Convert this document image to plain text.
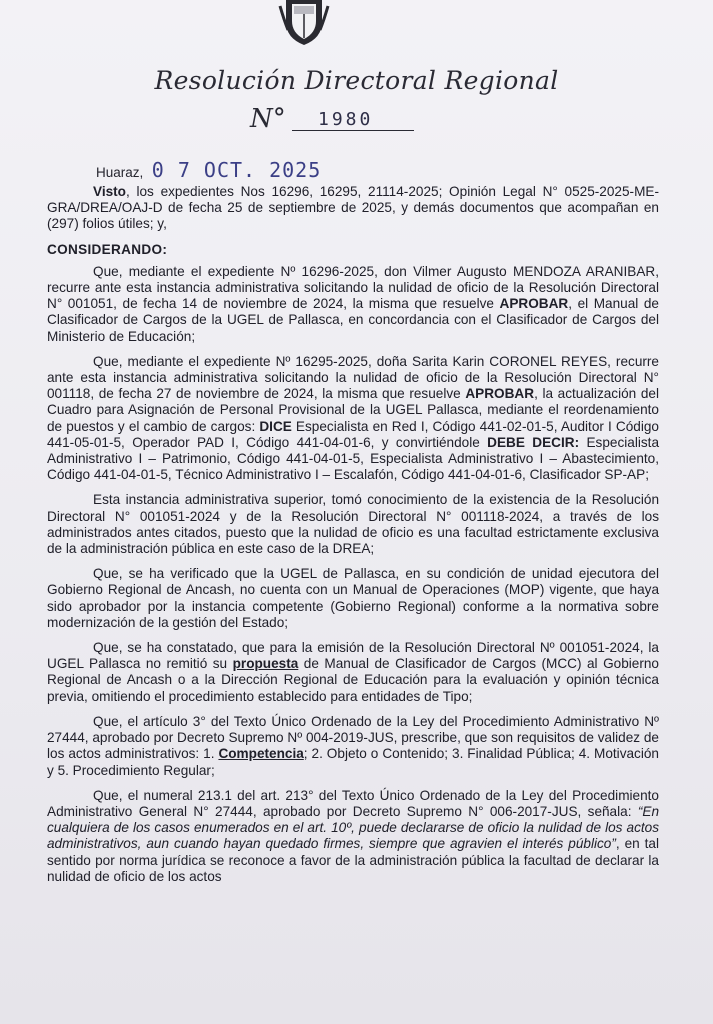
Resolución Directoral Regional
N° 1980
Huaraz, 0 7 OCT. 2025

Visto, los expedientes Nos 16296, 16295, 21114-2025; Opinión Legal N° 0525-2025-ME-GRA/DREA/OAJ-D de fecha 25 de septiembre de 2025, y demás documentos que acompañan en (297) folios útiles; y,

CONSIDERANDO:

Que, mediante el expediente Nº 16296-2025, don Vilmer Augusto MENDOZA ARANIBAR, recurre ante esta instancia administrativa solicitando la nulidad de oficio de la Resolución Directoral N° 001051, de fecha 14 de noviembre de 2024, la misma que resuelve APROBAR, el Manual de Clasificador de Cargos de la UGEL de Pallasca, en concordancia con el Clasificador de Cargos del Ministerio de Educación;

Que, mediante el expediente Nº 16295-2025, doña Sarita Karin CORONEL REYES, recurre ante esta instancia administrativa solicitando la nulidad de oficio de la Resolución Directoral N° 001118, de fecha 27 de noviembre de 2024, la misma que resuelve APROBAR, la actualización del Cuadro para Asignación de Personal Provisional de la UGEL Pallasca, mediante el reordenamiento de puestos y el cambio de cargos: DICE Especialista en Red I, Código 441-02-01-5, Auditor I Código 441-05-01-5, Operador PAD I, Código 441-04-01-6, y convirtiéndole DEBE DECIR: Especialista Administrativo I – Patrimonio, Código 441-04-01-5, Especialista Administrativo I – Abastecimiento, Código 441-04-01-5, Técnico Administrativo I – Escalafón, Código 441-04-01-6, Clasificador SP-AP;

Esta instancia administrativa superior, tomó conocimiento de la existencia de la Resolución Directoral N° 001051-2024 y de la Resolución Directoral N° 001118-2024, a través de los administrados antes citados, puesto que la nulidad de oficio es una facultad estrictamente exclusiva de la administración pública en este caso de la DREA;

Que, se ha verificado que la UGEL de Pallasca, en su condición de unidad ejecutora del Gobierno Regional de Ancash, no cuenta con un Manual de Operaciones (MOP) vigente, que haya sido aprobador por la instancia competente (Gobierno Regional) conforme a la normativa sobre modernización de la gestión del Estado;

Que, se ha constatado, que para la emisión de la Resolución Directoral Nº 001051-2024, la UGEL Pallasca no remitió su propuesta de Manual de Clasificador de Cargos (MCC) al Gobierno Regional de Ancash o a la Dirección Regional de Educación para la evaluación y opinión técnica previa, omitiendo el procedimiento establecido para entidades de Tipo;

Que, el artículo 3° del Texto Único Ordenado de la Ley del Procedimiento Administrativo Nº 27444, aprobado por Decreto Supremo Nº 004-2019-JUS, prescribe, que son requisitos de validez de los actos administrativos: 1. Competencia; 2. Objeto o Contenido; 3. Finalidad Pública; 4. Motivación y 5. Procedimiento Regular;

Que, el numeral 213.1 del art. 213° del Texto Único Ordenado de la Ley del Procedimiento Administrativo General N° 27444, aprobado por Decreto Supremo N° 006-2017-JUS, señala: “En cualquiera de los casos enumerados en el art. 10º, puede declararse de oficio la nulidad de los actos administrativos, aun cuando hayan quedado firmes, siempre que agravien el interés público”, en tal sentido por norma jurídica se reconoce a favor de la administración pública la facultad de declarar la nulidad de oficio de los actos
